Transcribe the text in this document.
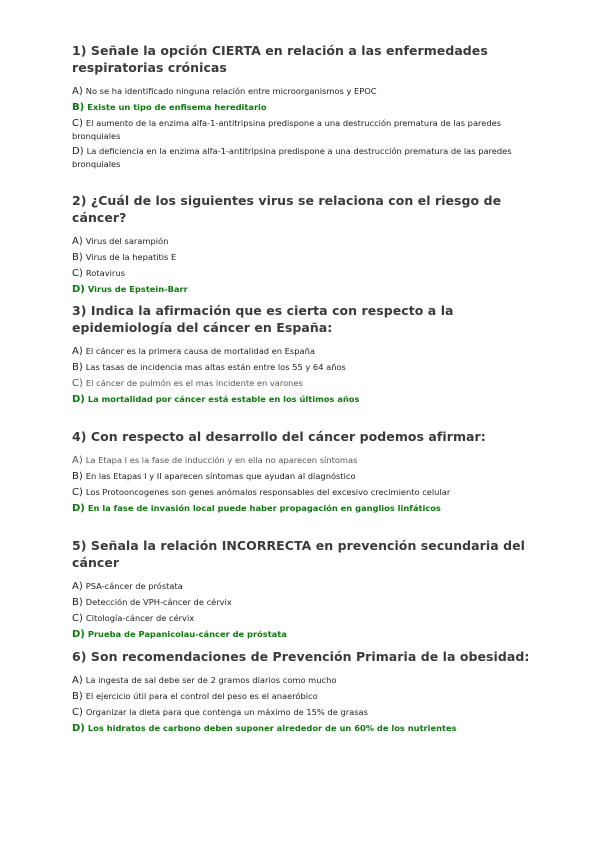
1) Señale la opción CIERTA en relación a las enfermedades respiratorias crónicas
A) No se ha identificado ninguna relación entre microorganismos y EPOC
B) Existe un tipo de enfisema hereditario
C) El aumento de la enzima alfa-1-antitripsina predispone a una destrucción prematura de las paredes bronquiales
D) La deficiencia en la enzima alfa-1-antitripsina predispone a una destrucción prematura de las paredes bronquiales
2) ¿Cuál de los siguientes virus se relaciona con el riesgo de cáncer?
A) Virus del sarampión
B) Virus de la hepatitis E
C) Rotavirus
D) Virus de Epstein-Barr
3) Indica la afirmación que es cierta con respecto a la epidemiología del cáncer en España:
A) El cáncer es la primera causa de mortalidad en España
B) Las tasas de incidencia mas altas están entre los 55 y 64 años
C) El cáncer de pulmón es el mas incidente en varones
D) La mortalidad por cáncer está estable en los últimos años
4) Con respecto al desarrollo del cáncer podemos afirmar:
A) La Etapa I es la fase de inducción y en ella no aparecen síntomas
B) En las Etapas I y II aparecen síntomas que ayudan al diagnóstico
C) Los Protooncogenes son genes anómalos responsables del excesivo crecimiento celular
D) En la fase de invasión local puede haber propagación en ganglios linfáticos
5) Señala la relación INCORRECTA en prevención secundaria del cáncer
A) PSA-cáncer de próstata
B) Detección de VPH-cáncer de cérvix
C) Citología-cáncer de cérvix
D) Prueba de Papanicolau-cáncer de próstata
6) Son recomendaciones de Prevención Primaria de la obesidad:
A) La ingesta de sal debe ser de 2 gramos diarios como mucho
B) El ejercicio útil para el control del peso es el anaeróbico
C) Organizar la dieta para que contenga un máximo de 15% de grasas
D) Los hidratos de carbono deben suponer alrededor de un 60% de los nutrientes
